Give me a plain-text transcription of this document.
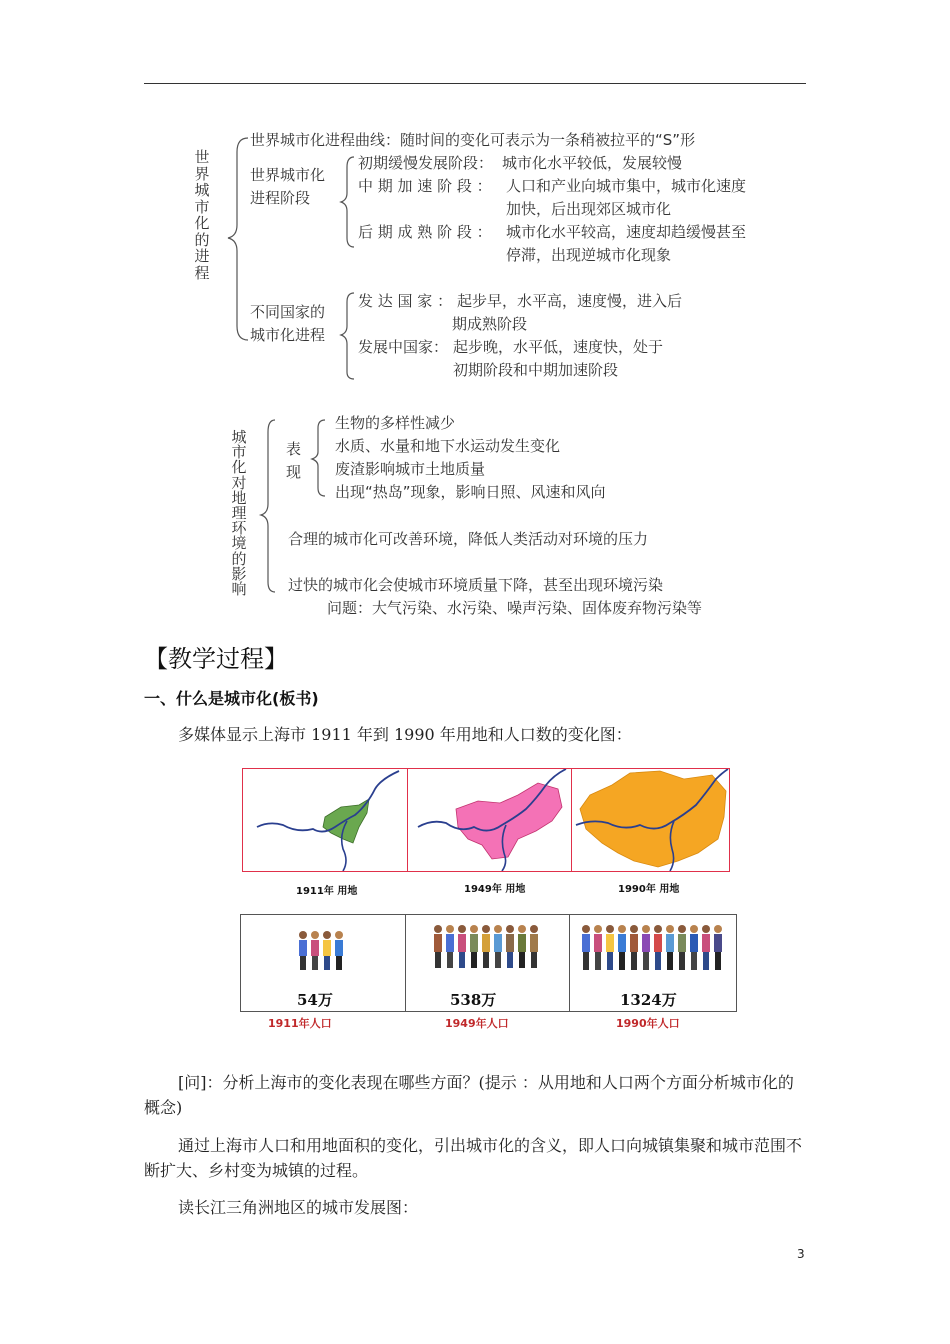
世界城市化的进程
世界城市化进程曲线：随时间的变化可表示为一条稍被拉平的“S”形
世界城市化
进程阶段
初期缓慢发展阶段： 城市化水平较低，发展较慢
中 期 加 速 阶 段 ： 人口和产业向城市集中，城市化速度
加快，后出现郊区城市化
后 期 成 熟 阶 段 ： 城市化水平较高，速度却趋缓慢甚至
停滞，出现逆城市化现象
不同国家的
城市化进程
发 达 国 家 ： 起步早，水平高，速度慢，进入后
期成熟阶段
发展中国家： 起步晚，水平低，速度快，处于
初期阶段和中期加速阶段
城市化对地理环境的影响
表
现
生物的多样性减少
水质、水量和地下水运动发生变化
废渣影响城市土地质量
出现“热岛”现象，影响日照、风速和风向
合理的城市化可改善环境，降低人类活动对环境的压力
过快的城市化会使城市环境质量下降，甚至出现环境污染
问题：大气污染、水污染、噪声污染、固体废弃物污染等
【教学过程】
一、什么是城市化(板书)
多媒体显示上海市 1911 年到 1990 年用地和人口数的变化图：
1911年 用地	1949年 用地	1990年 用地
54万	538万	1324万
1911年人口	1949年人口	1990年人口
[问]：分析上海市的变化表现在哪些方面？(提示 ：从用地和人口两个方面分析城市化的概念)
通过上海市人口和用地面积的变化，引出城市化的含义，即人口向城镇集聚和城市范围不断扩大、乡村变为城镇的过程。
读长江三角洲地区的城市发展图：
3
